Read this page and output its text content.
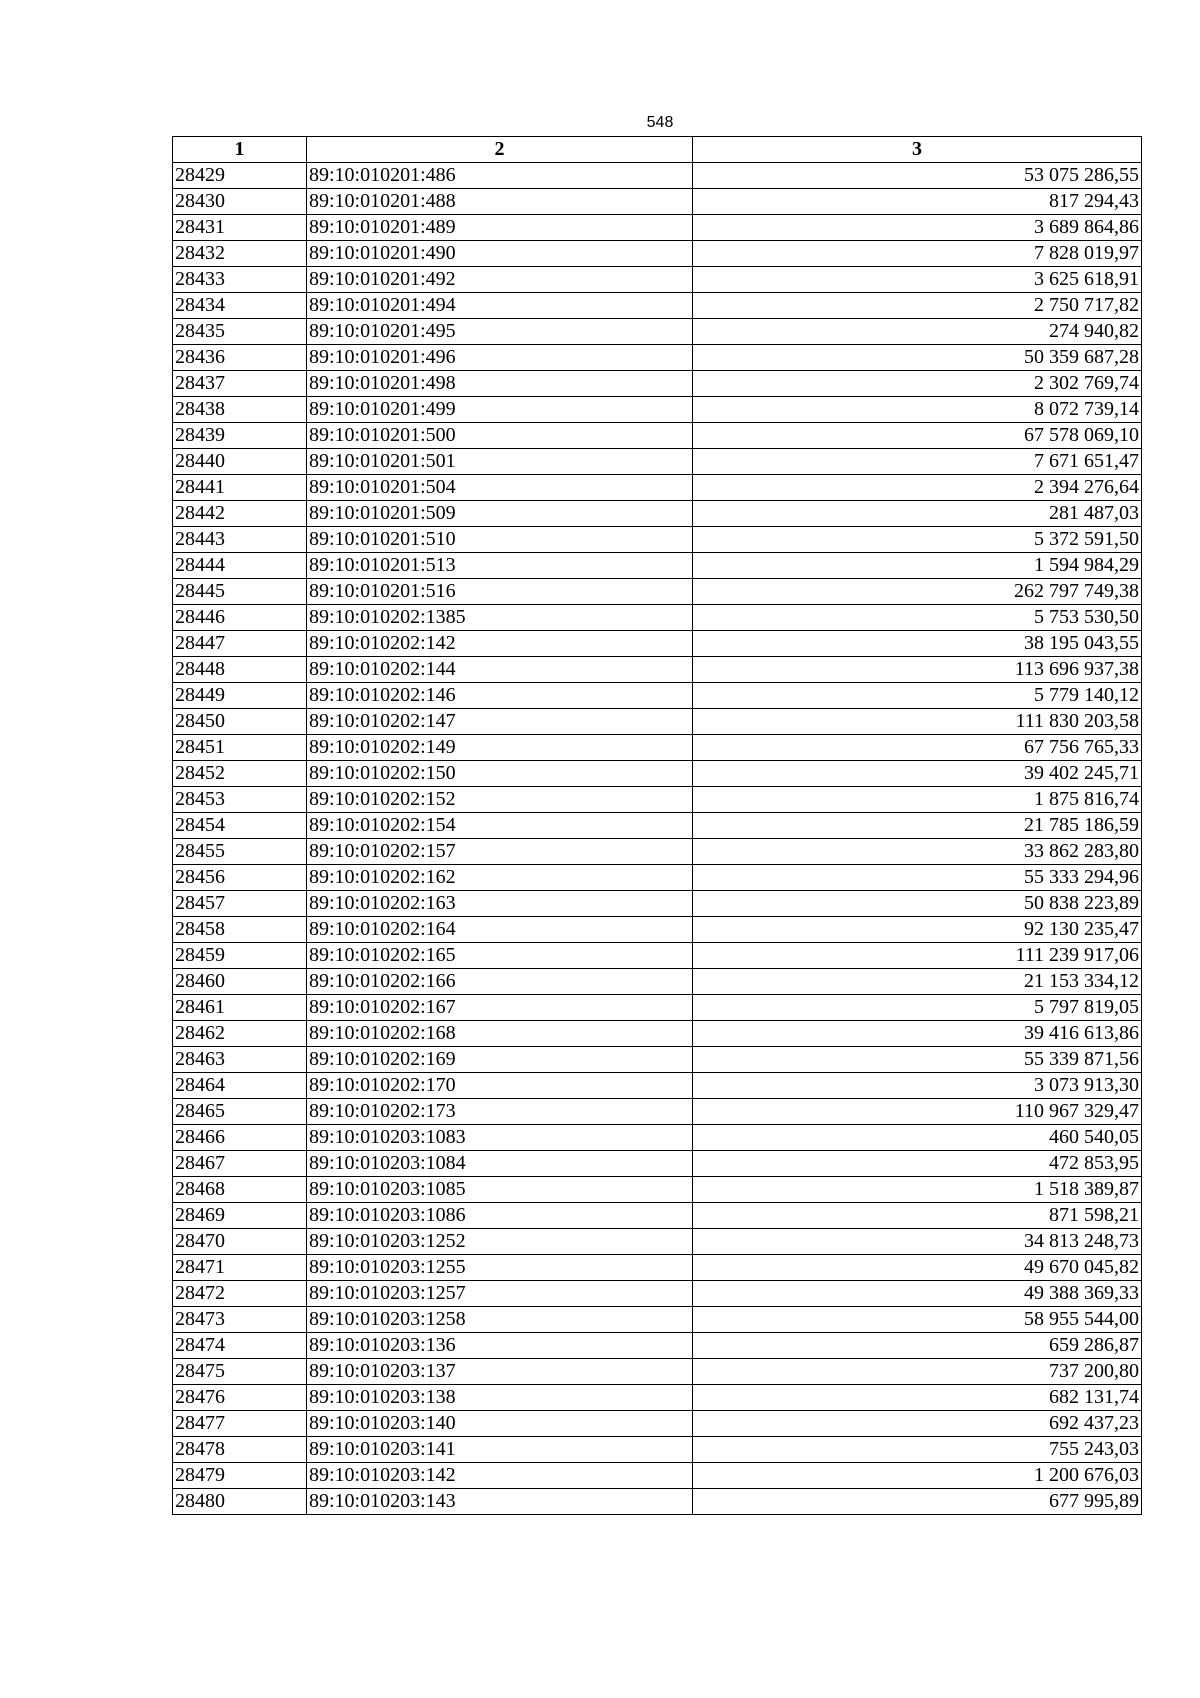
548
1	2	3
28429	89:10:010201:486	53 075 286,55
28430	89:10:010201:488	817 294,43
28431	89:10:010201:489	3 689 864,86
28432	89:10:010201:490	7 828 019,97
28433	89:10:010201:492	3 625 618,91
28434	89:10:010201:494	2 750 717,82
28435	89:10:010201:495	274 940,82
28436	89:10:010201:496	50 359 687,28
28437	89:10:010201:498	2 302 769,74
28438	89:10:010201:499	8 072 739,14
28439	89:10:010201:500	67 578 069,10
28440	89:10:010201:501	7 671 651,47
28441	89:10:010201:504	2 394 276,64
28442	89:10:010201:509	281 487,03
28443	89:10:010201:510	5 372 591,50
28444	89:10:010201:513	1 594 984,29
28445	89:10:010201:516	262 797 749,38
28446	89:10:010202:1385	5 753 530,50
28447	89:10:010202:142	38 195 043,55
28448	89:10:010202:144	113 696 937,38
28449	89:10:010202:146	5 779 140,12
28450	89:10:010202:147	111 830 203,58
28451	89:10:010202:149	67 756 765,33
28452	89:10:010202:150	39 402 245,71
28453	89:10:010202:152	1 875 816,74
28454	89:10:010202:154	21 785 186,59
28455	89:10:010202:157	33 862 283,80
28456	89:10:010202:162	55 333 294,96
28457	89:10:010202:163	50 838 223,89
28458	89:10:010202:164	92 130 235,47
28459	89:10:010202:165	111 239 917,06
28460	89:10:010202:166	21 153 334,12
28461	89:10:010202:167	5 797 819,05
28462	89:10:010202:168	39 416 613,86
28463	89:10:010202:169	55 339 871,56
28464	89:10:010202:170	3 073 913,30
28465	89:10:010202:173	110 967 329,47
28466	89:10:010203:1083	460 540,05
28467	89:10:010203:1084	472 853,95
28468	89:10:010203:1085	1 518 389,87
28469	89:10:010203:1086	871 598,21
28470	89:10:010203:1252	34 813 248,73
28471	89:10:010203:1255	49 670 045,82
28472	89:10:010203:1257	49 388 369,33
28473	89:10:010203:1258	58 955 544,00
28474	89:10:010203:136	659 286,87
28475	89:10:010203:137	737 200,80
28476	89:10:010203:138	682 131,74
28477	89:10:010203:140	692 437,23
28478	89:10:010203:141	755 243,03
28479	89:10:010203:142	1 200 676,03
28480	89:10:010203:143	677 995,89
